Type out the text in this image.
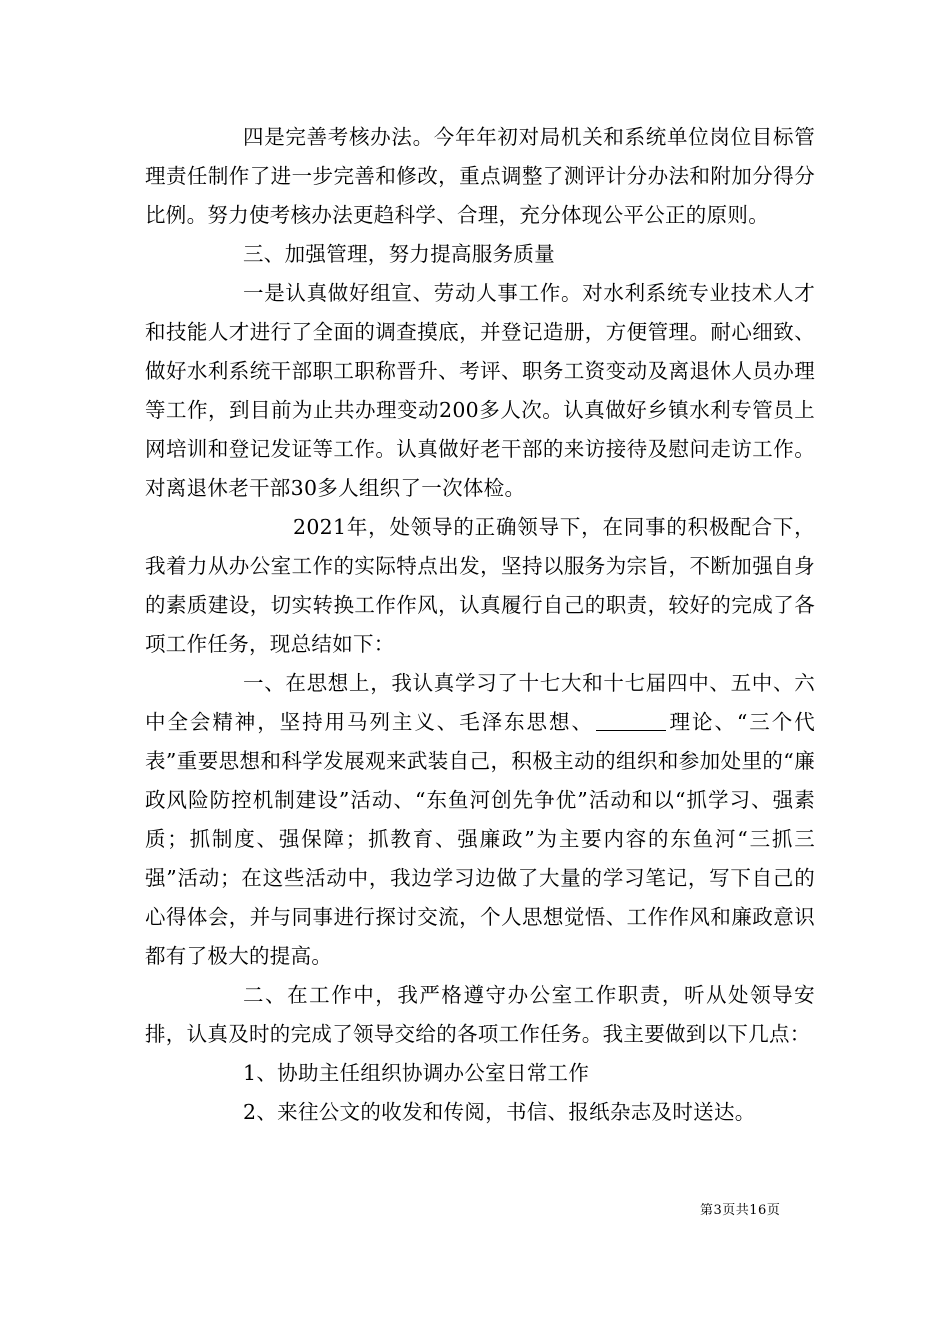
四是完善考核办法。今年年初对局机关和系统单位岗位目标管理责任制作了进一步完善和修改，重点调整了测评计分办法和附加分得分比例。努力使考核办法更趋科学、合理，充分体现公平公正的原则。

三、加强管理，努力提高服务质量

一是认真做好组宣、劳动人事工作。对水利系统专业技术人才和技能人才进行了全面的调查摸底，并登记造册，方便管理。耐心细致、做好水利系统干部职工职称晋升、考评、职务工资变动及离退休人员办理等工作，到目前为止共办理变动200多人次。认真做好乡镇水利专管员上网培训和登记发证等工作。认真做好老干部的来访接待及慰问走访工作。对离退休老干部30多人组织了一次体检。

2021年，处领导的正确领导下，在同事的积极配合下，我着力从办公室工作的实际特点出发，坚持以服务为宗旨，不断加强自身的素质建设，切实转换工作作风，认真履行自己的职责，较好的完成了各项工作任务，现总结如下：

一、在思想上，我认真学习了十七大和十七届四中、五中、六中全会精神，坚持用马列主义、毛泽东思想、	理论、“三个代表”重要思想和科学发展观来武装自己，积极主动的组织和参加处里的“廉政风险防控机制建设”活动、“东鱼河创先争优”活动和以“抓学习、强素质；抓制度、强保障；抓教育、强廉政”为主要内容的东鱼河“三抓三强”活动；在这些活动中，我边学习边做了大量的学习笔记，写下自己的心得体会，并与同事进行探讨交流，个人思想觉悟、工作作风和廉政意识都有了极大的提高。

二、在工作中，我严格遵守办公室工作职责，听从处领导安排，认真及时的完成了领导交给的各项工作任务。我主要做到以下几点：

1、协助主任组织协调办公室日常工作

2、来往公文的收发和传阅，书信、报纸杂志及时送达。

第3页共16页
